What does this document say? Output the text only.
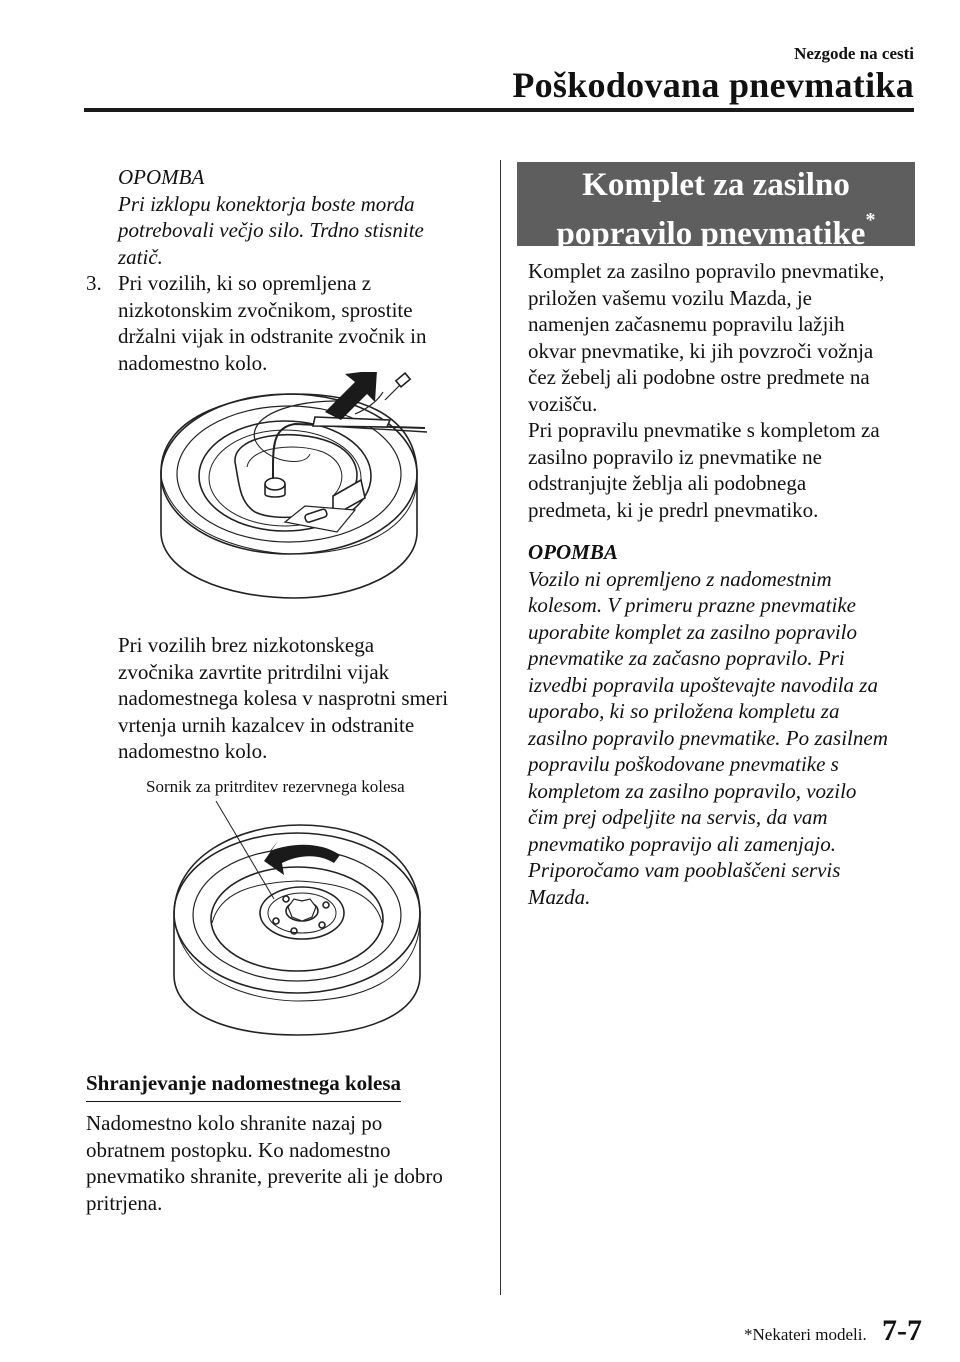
Nezgode na cesti
Poškodovana pnevmatika

OPOMBA

Pri izklopu konektorja boste morda

potrebovali večjo silo. Trdno stisnite

zatič.

3. Pri vozilih, ki so opremljena z

nizkotonskim zvočnikom, sprostite

držalni vijak in odstranite zvočnik in

nadomestno kolo.

Pri vozilih brez nizkotonskega

zvočnika zavrtite pritrdilni vijak

nadomestnega kolesa v nasprotni smeri

vrtenja urnih kazalcev in odstranite

nadomestno kolo.

Sornik za pritrditev rezervnega kolesa
Shranjevanje nadomestnega kolesa

Nadomestno kolo shranite nazaj po

obratnem postopku. Ko nadomestno

pnevmatiko shranite, preverite ali je dobro

pritrjena.

Komplet za zasilno
popravilo pnevmatike*

Komplet za zasilno popravilo pnevmatike,

priložen vašemu vozilu Mazda, je

namenjen začasnemu popravilu lažjih

okvar pnevmatike, ki jih povzroči vožnja

čez žebelj ali podobne ostre predmete na

vozišču.

Pri popravilu pnevmatike s kompletom za

zasilno popravilo iz pnevmatike ne

odstranjujte žeblja ali podobnega

predmeta, ki je predrl pnevmatiko.

OPOMBA

Vozilo ni opremljeno z nadomestnim

kolesom. V primeru prazne pnevmatike

uporabite komplet za zasilno popravilo

pnevmatike za začasno popravilo. Pri

izvedbi popravila upoštevajte navodila za

uporabo, ki so priložena kompletu za

zasilno popravilo pnevmatike. Po zasilnem

popravilu poškodovane pnevmatike s

kompletom za zasilno popravilo, vozilo

čim prej odpeljite na servis, da vam

pnevmatiko popravijo ali zamenjajo.

Priporočamo vam pooblaščeni servis

Mazda.

*Nekateri modeli. 7-7
